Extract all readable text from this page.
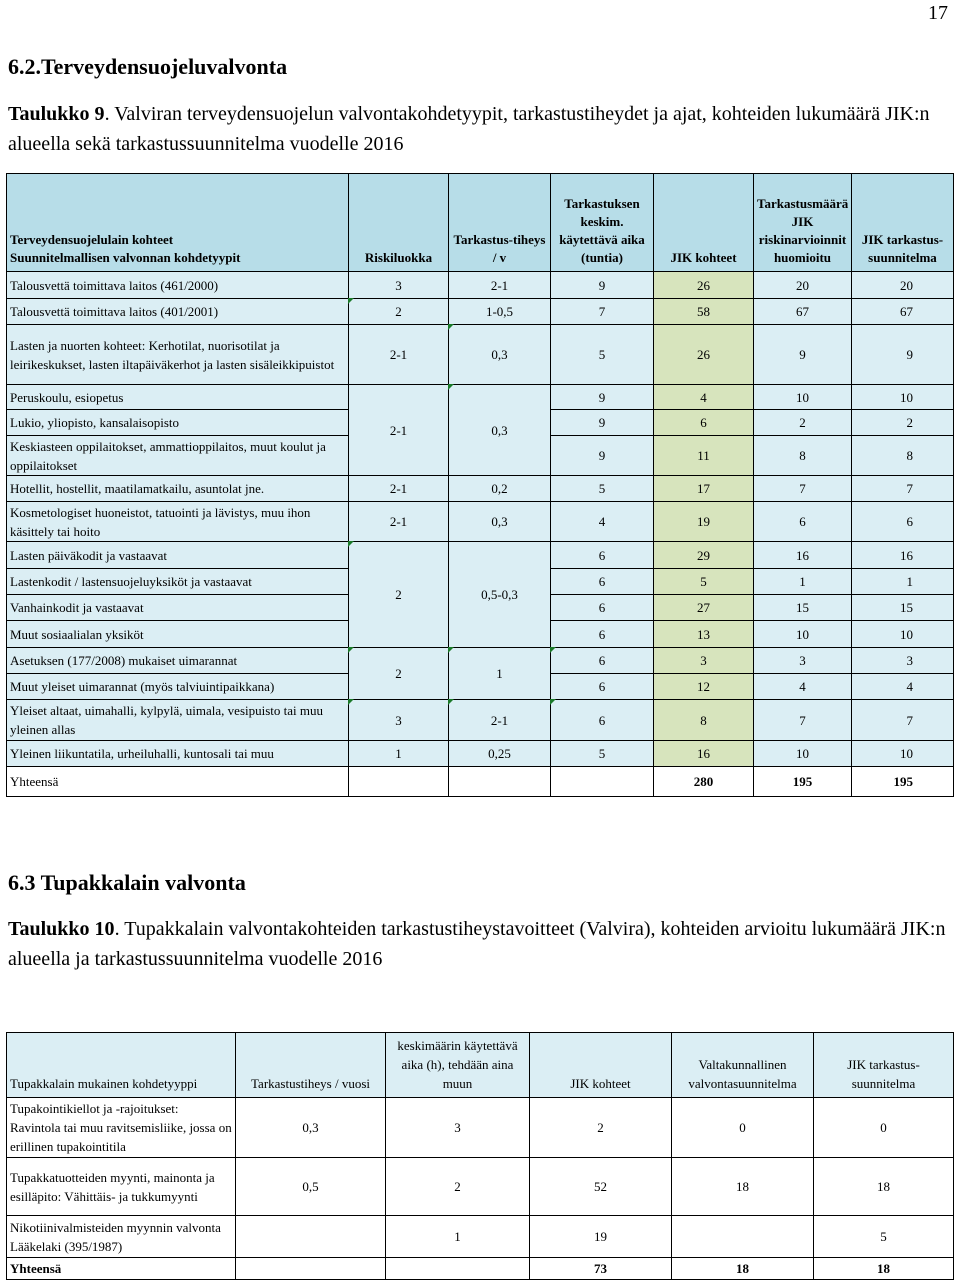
17
6.2.Terveydensuojeluvalvonta
Taulukko 9. Valviran terveydensuojelun valvontakohdetyypit, tarkastustiheydet ja ajat, kohteiden lukumäärä JIK:n alueella sekä tarkastussuunnitelma vuodelle 2016
Terveydensuojelulain kohteet
Suunnitelmallisen valvonnan kohdetyypit	Riskiluokka	Tarkastus-tiheys / v	Tarkastuksen keskim. käytettävä aika (tuntia)	JIK kohteet	Tarkastusmäärä JIK riskinarvioinnit huomioitu	JIK tarkastus-suunnitelma
Talousvettä toimittava laitos (461/2000)	3	2-1	9	26	20	20
Talousvettä toimittava laitos (401/2001)	2	1-0,5	7	58	67	67
Lasten ja nuorten kohteet: Kerhotilat, nuorisotilat ja leirikeskukset, lasten iltapäiväkerhot ja lasten sisäleikkipuistot	2-1	0,3	5	26	9	9
Peruskoulu, esiopetus	2-1	0,3	9	4	10	10
Lukio, yliopisto, kansalaisopisto			9	6	2	2
Keskiasteen oppilaitokset, ammattioppilaitos, muut koulut ja oppilaitokset			9	11	8	8
Hotellit, hostellit, maatilamatkailu, asuntolat jne.	2-1	0,2	5	17	7	7
Kosmetologiset huoneistot, tatuointi ja lävistys, muu ihon käsittely tai hoito	2-1	0,3	4	19	6	6
Lasten päiväkodit ja vastaavat	2	0,5-0,3	6	29	16	16
Lastenkodit / lastensuojeluyksiköt ja vastaavat			6	5	1	1
Vanhainkodit ja vastaavat			6	27	15	15
Muut sosiaalialan yksiköt			6	13	10	10
Asetuksen (177/2008) mukaiset uimarannat	2	1	6	3	3	3
Muut yleiset uimarannat (myös talviuintipaikkana)			6	12	4	4
Yleiset altaat, uimahalli, kylpylä, uimala, vesipuisto tai muu yleinen allas	3	2-1	6	8	7	7
Yleinen liikuntatila, urheiluhalli, kuntosali tai muu	1	0,25	5	16	10	10
Yhteensä				280	195	195
6.3 Tupakkalain valvonta
Taulukko 10. Tupakkalain valvontakohteiden tarkastustiheystavoitteet (Valvira), kohteiden arvioitu lukumäärä JIK:n alueella ja tarkastussuunnitelma vuodelle 2016
Tupakkalain mukainen kohdetyyppi	Tarkastustiheys / vuosi	keskimäärin käytettävä aika (h), tehdään aina muun	JIK kohteet	Valtakunnallinen valvontasuunnitelma	JIK tarkastus-suunnitelma
Tupakointikiellot ja -rajoitukset: Ravintola tai muu ravitsemisliike, jossa on erillinen tupakointitila	0,3	3	2	0	0
Tupakkatuotteiden myynti, mainonta ja esilläpito: Vähittäis- ja tukkumyynti	0,5	2	52	18	18
Nikotiinivalmisteiden myynnin valvonta Lääkelaki (395/1987)		1	19		5
Yhteensä			73	18	18
